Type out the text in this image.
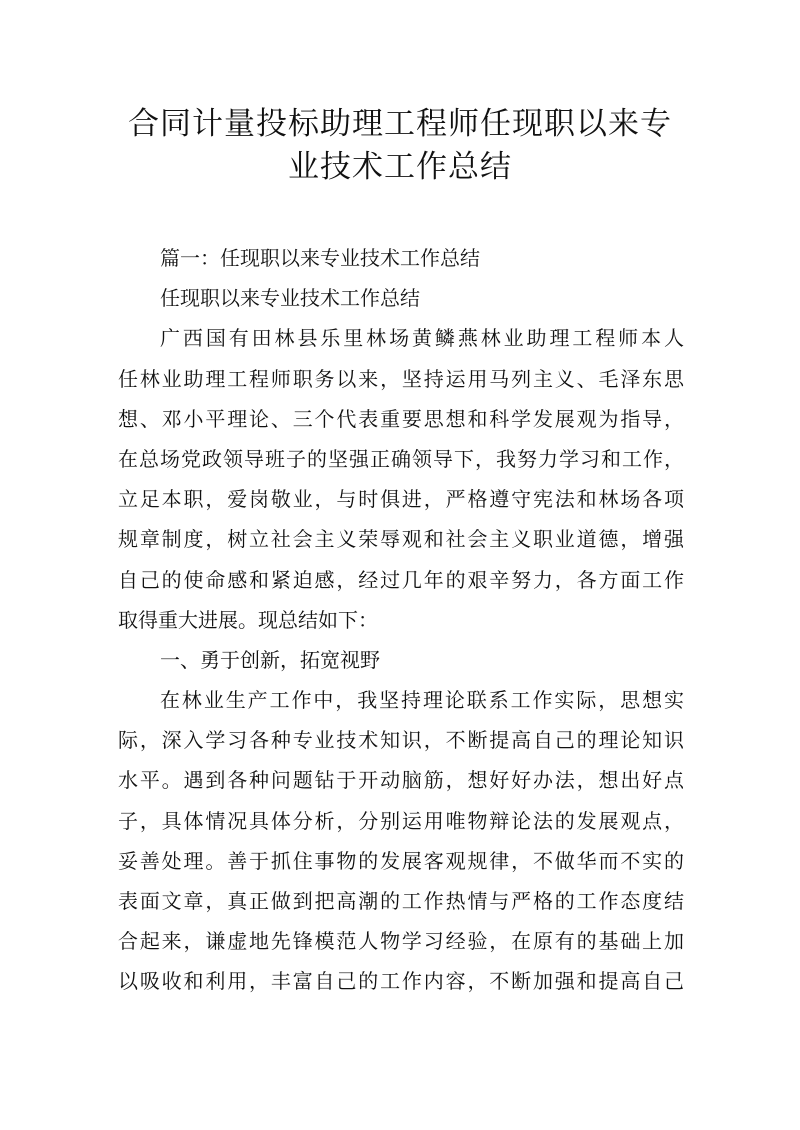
合同计量投标助理工程师任现职以来专
业技术工作总结
篇一：任现职以来专业技术工作总结
任现职以来专业技术工作总结
广西国有田林县乐里林场黄鳞燕林业助理工程师本人
任林业助理工程师职务以来，坚持运用马列主义、毛泽东思
想、邓小平理论、三个代表重要思想和科学发展观为指导，
在总场党政领导班子的坚强正确领导下，我努力学习和工作，
立足本职，爱岗敬业，与时俱进，严格遵守宪法和林场各项
规章制度，树立社会主义荣辱观和社会主义职业道德，增强
自己的使命感和紧迫感，经过几年的艰辛努力，各方面工作
取得重大进展。现总结如下：
一、勇于创新，拓宽视野
在林业生产工作中，我坚持理论联系工作实际，思想实
际，深入学习各种专业技术知识，不断提高自己的理论知识
水平。遇到各种问题钻于开动脑筋，想好好办法，想出好点
子，具体情况具体分析，分别运用唯物辩论法的发展观点，
妥善处理。善于抓住事物的发展客观规律，不做华而不实的
表面文章，真正做到把高潮的工作热情与严格的工作态度结
合起来，谦虚地先锋模范人物学习经验，在原有的基础上加
以吸收和利用，丰富自己的工作内容，不断加强和提高自己
